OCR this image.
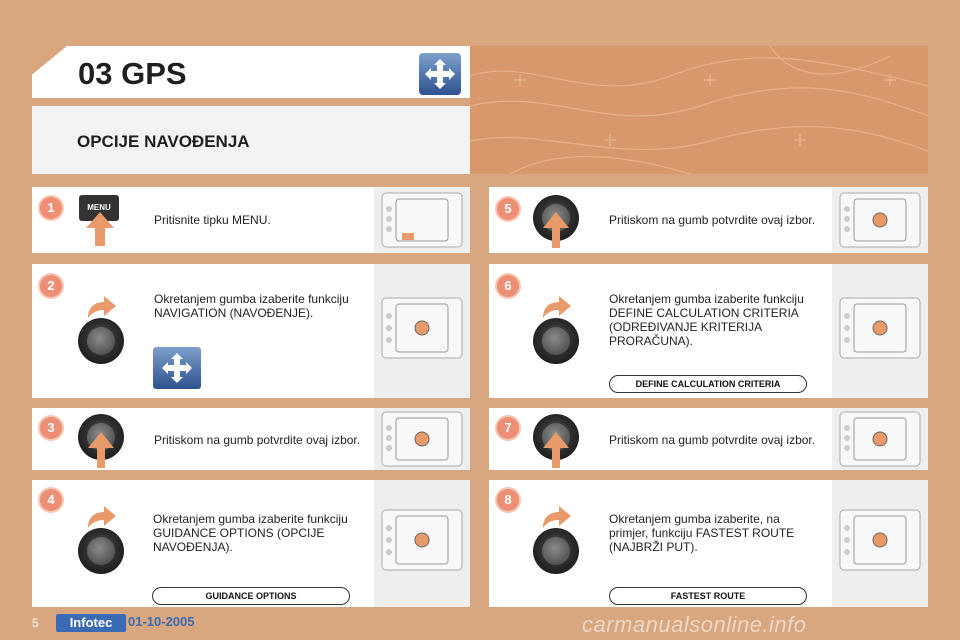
03 GPS
OPCIJE NAVOĐENJA
1	MENU
Pritisnite tipku MENU.
2
Okretanjem gumba izaberite funkciju NAVIGATION (NAVOĐENJE).
3
Pritiskom na gumb potvrdite ovaj izbor.
4
Okretanjem gumba izaberite funkciju GUIDANCE OPTIONS (OPCIJE NAVOĐENJA).
GUIDANCE OPTIONS
5
Pritiskom na gumb potvrdite ovaj izbor.
6
Okretanjem gumba izaberite funkciju DEFINE CALCULATION CRITERIA (ODREĐIVANJE KRITERIJA PRORAČUNA).
DEFINE CALCULATION CRITERIA
7
Pritiskom na gumb potvrdite ovaj izbor.
8
Okretanjem gumba izaberite, na primjer, funkciju FASTEST ROUTE (NAJBRŽI PUT).
FASTEST ROUTE
5	Infotec	01-10-2005	carmanualsonline.info
